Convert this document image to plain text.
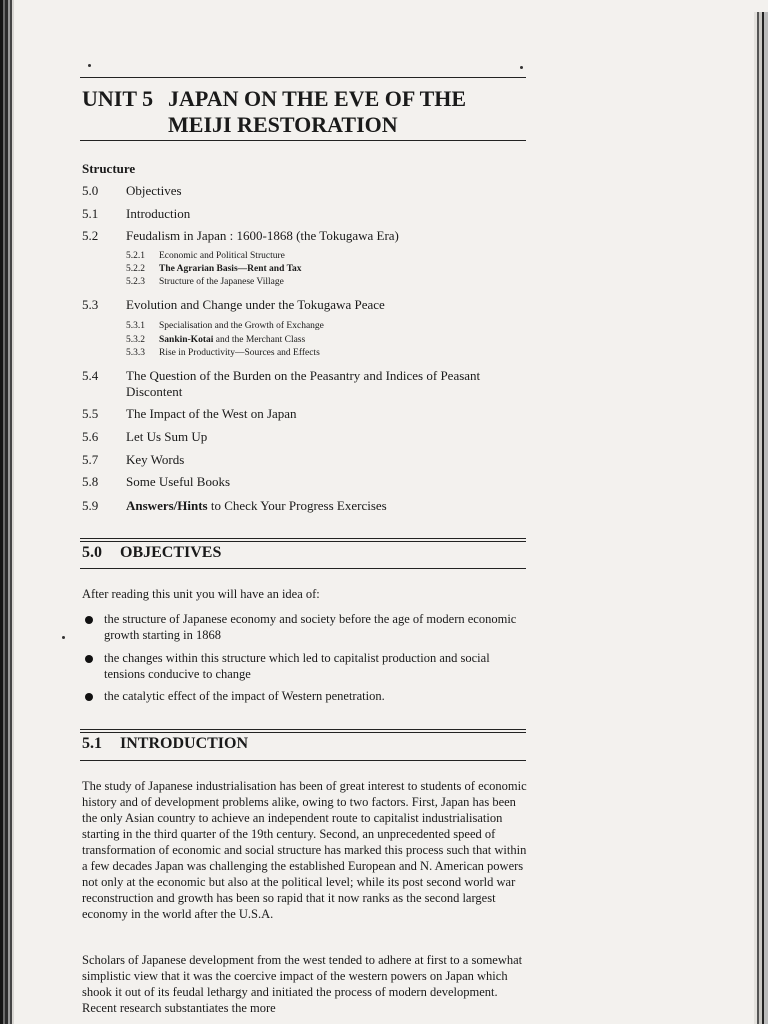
UNIT 5 JAPAN ON THE EVE OF THE
MEIJI RESTORATION
Structure
5.0 Objectives
5.1 Introduction
5.2 Feudalism in Japan : 1600-1868 (the Tokugawa Era)
5.2.1 Economic and Political Structure
5.2.2 The Agrarian Basis—Rent and Tax
5.2.3 Structure of the Japanese Village
5.3 Evolution and Change under the Tokugawa Peace
5.3.1 Specialisation and the Growth of Exchange
5.3.2 Sankin-Kotai and the Merchant Class
5.3.3 Rise in Productivity—Sources and Effects
5.4 The Question of the Burden on the Peasantry and Indices of Peasant Discontent
5.5 The Impact of the West on Japan
5.6 Let Us Sum Up
5.7 Key Words
5.8 Some Useful Books
5.9 Answers/Hints to Check Your Progress Exercises
5.0 OBJECTIVES

After reading this unit you will have an idea of:

the structure of Japanese economy and society before the age of modern economic growth starting in 1868
the changes within this structure which led to capitalist production and social tensions conducive to change
the catalytic effect of the impact of Western penetration.
5.1 INTRODUCTION

The study of Japanese industrialisation has been of great interest to students of economic history and of development problems alike, owing to two factors. First, Japan has been the only Asian country to achieve an independent route to capitalist industrialisation starting in the third quarter of the 19th century. Second, an unprecedented speed of transformation of economic and social structure has marked this process such that within a few decades Japan was challenging the established European and N. American powers not only at the economic but also at the political level; while its post second world war reconstruction and growth has been so rapid that it now ranks as the second largest economy in the world after the U.S.A.

Scholars of Japanese development from the west tended to adhere at first to a somewhat simplistic view that it was the coercive impact of the western powers on Japan which shook it out of its feudal lethargy and initiated the process of modern development. Recent research substantiates the more
